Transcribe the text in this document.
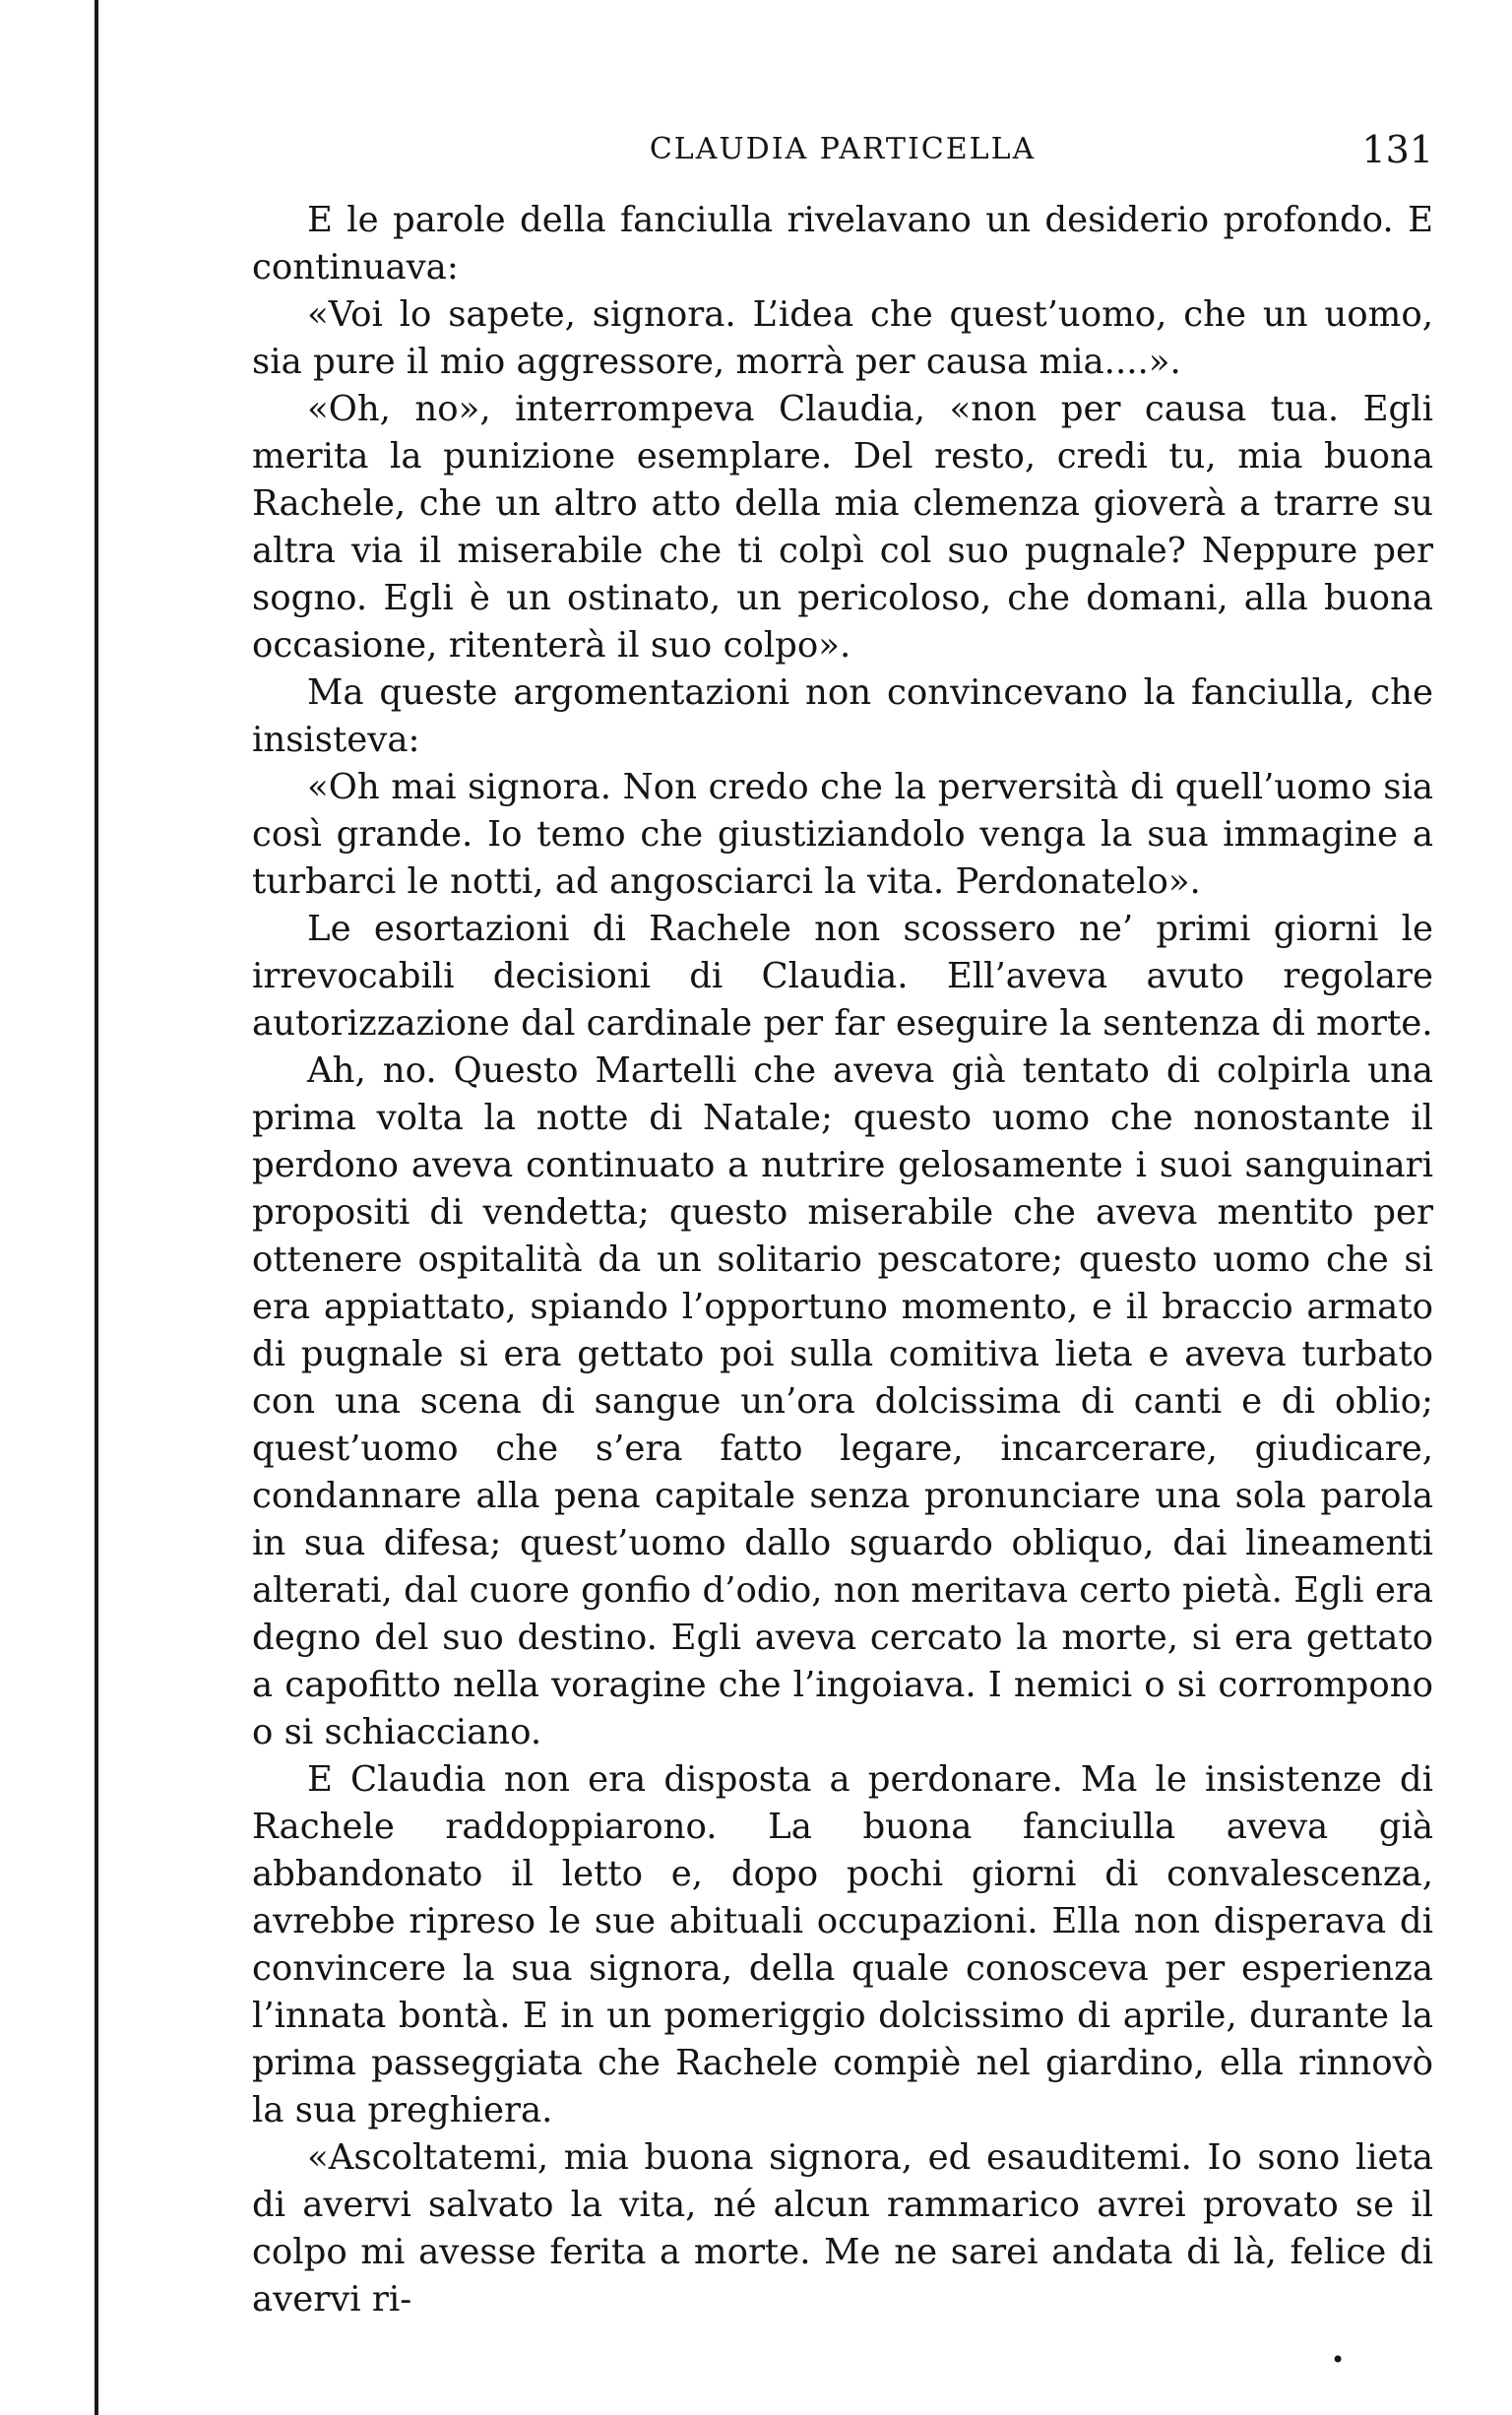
CLAUDIA PARTICELLA	131

E le parole della fanciulla rivelavano un desiderio profondo. E continuava:

«Voi lo sapete, signora. L’idea che quest’uomo, che un uomo, sia pure il mio aggressore, morrà per causa mia....».

«Oh, no», interrompeva Claudia, «non per causa tua. Egli merita la punizione esemplare. Del resto, credi tu, mia buona Rachele, che un altro atto della mia clemenza gioverà a trarre su altra via il miserabile che ti colpì col suo pugnale? Neppure per sogno. Egli è un ostinato, un pericoloso, che domani, alla buona occasione, ritenterà il suo colpo».

Ma queste argomentazioni non convincevano la fanciulla, che insisteva:

«Oh mai signora. Non credo che la perversità di quell’uomo sia così grande. Io temo che giustiziandolo venga la sua immagine a turbarci le notti, ad angosciarci la vita. Perdonatelo».

Le esortazioni di Rachele non scossero ne’ primi giorni le irrevocabili decisioni di Claudia. Ell’aveva avuto regolare autorizzazione dal cardinale per far eseguire la sentenza di morte.

Ah, no. Questo Martelli che aveva già tentato di colpirla una prima volta la notte di Natale; questo uomo che nonostante il perdono aveva continuato a nutrire gelosamente i suoi sanguinari propositi di vendetta; questo miserabile che aveva mentito per ottenere ospitalità da un solitario pescatore; questo uomo che si era appiattato, spiando l’opportuno momento, e il braccio armato di pugnale si era gettato poi sulla comitiva lieta e aveva turbato con una scena di sangue un’ora dolcissima di canti e di oblio; quest’uomo che s’era fatto legare, incarcerare, giudicare, condannare alla pena capitale senza pronunciare una sola parola in sua difesa; quest’uomo dallo sguardo obliquo, dai lineamenti alterati, dal cuore gonfio d’odio, non meritava certo pietà. Egli era degno del suo destino. Egli aveva cercato la morte, si era gettato a capofitto nella voragine che l’ingoiava. I nemici o si corrompono o si schiacciano.

E Claudia non era disposta a perdonare. Ma le insistenze di Rachele raddoppiarono. La buona fanciulla aveva già abbandonato il letto e, dopo pochi giorni di convalescenza, avrebbe ripreso le sue abituali occupazioni. Ella non disperava di convincere la sua signora, della quale conosceva per esperienza l’innata bontà. E in un pomeriggio dolcissimo di aprile, durante la prima passeggiata che Rachele compiè nel giardino, ella rinnovò la sua preghiera.

«Ascoltatemi, mia buona signora, ed esauditemi. Io sono lieta di avervi salvato la vita, né alcun rammarico avrei provato se il colpo mi avesse ferita a morte. Me ne sarei andata di là, felice di avervi ri-

•
